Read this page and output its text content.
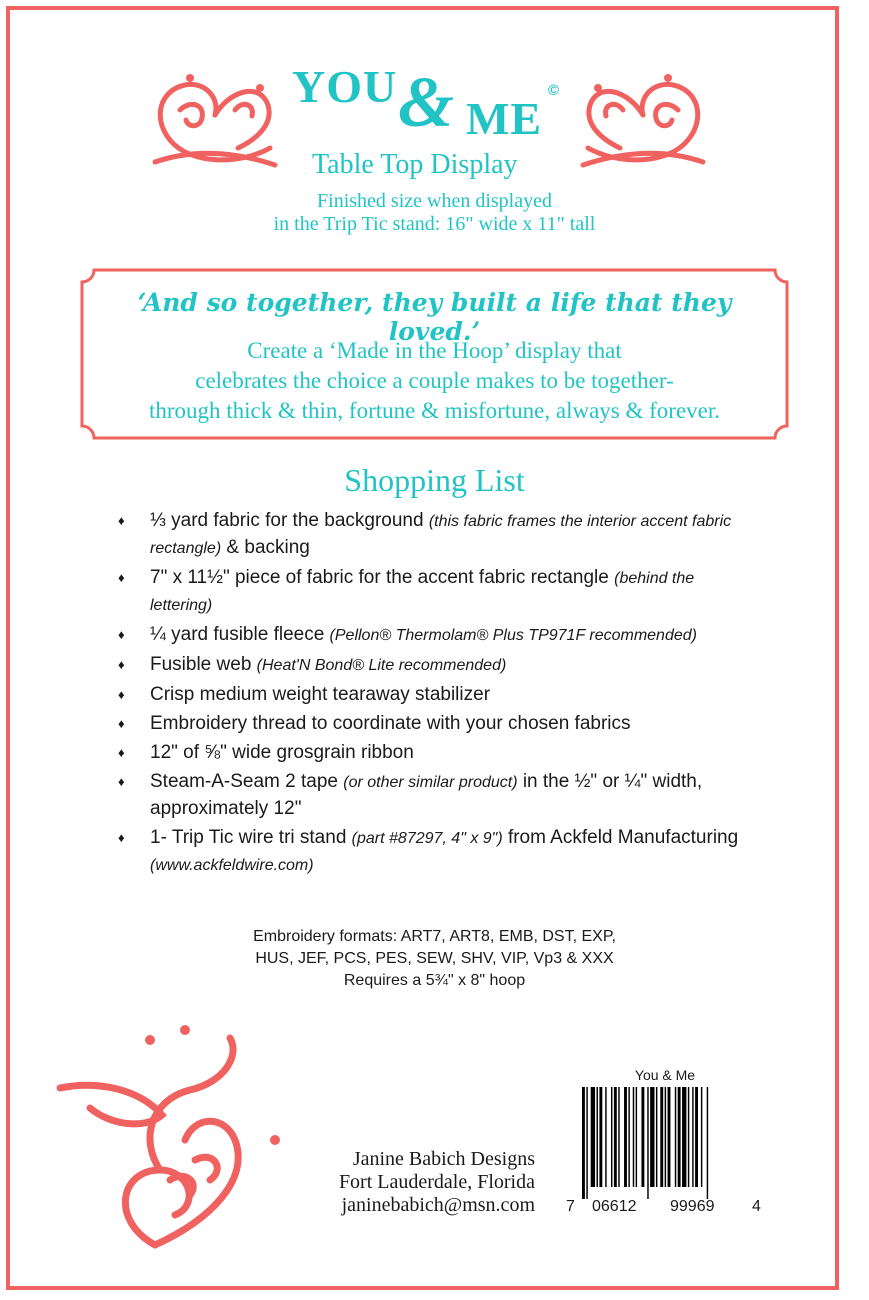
YOU & ME
©
Table Top Display
Finished size when displayed
in the Trip Tic stand: 16" wide x 11" tall
‘And so together, they built a life that they loved.’
Create a ‘Made in the Hoop’ display that
celebrates the choice a couple makes to be together-
through thick & thin, fortune & misfortune, always & forever.
Shopping List
♦ ⅓ yard fabric for the background (this fabric frames the interior accent fabric rectangle) & backing
♦ 7" x 11½" piece of fabric for the accent fabric rectangle (behind the lettering)
♦ ¼ yard fusible fleece (Pellon® Thermolam® Plus TP971F recommended)
♦ Fusible web (Heat'N Bond® Lite recommended)
♦ Crisp medium weight tearaway stabilizer
♦ Embroidery thread to coordinate with your chosen fabrics
♦ 12" of ⅝" wide grosgrain ribbon
♦ Steam-A-Seam 2 tape (or other similar product) in the ½" or ¼" width, approximately 12"
♦ 1- Trip Tic wire tri stand (part #87297, 4" x 9") from Ackfeld Manufacturing (www.ackfeldwire.com)
Embroidery formats: ART7, ART8, EMB, DST, EXP,
HUS, JEF, PCS, PES, SEW, SHV, VIP, Vp3 & XXX
Requires a 5¾" x 8" hoop
Janine Babich Designs
Fort Lauderdale, Florida
janinebabich@msn.com
You & Me
7 06612 99969 4
